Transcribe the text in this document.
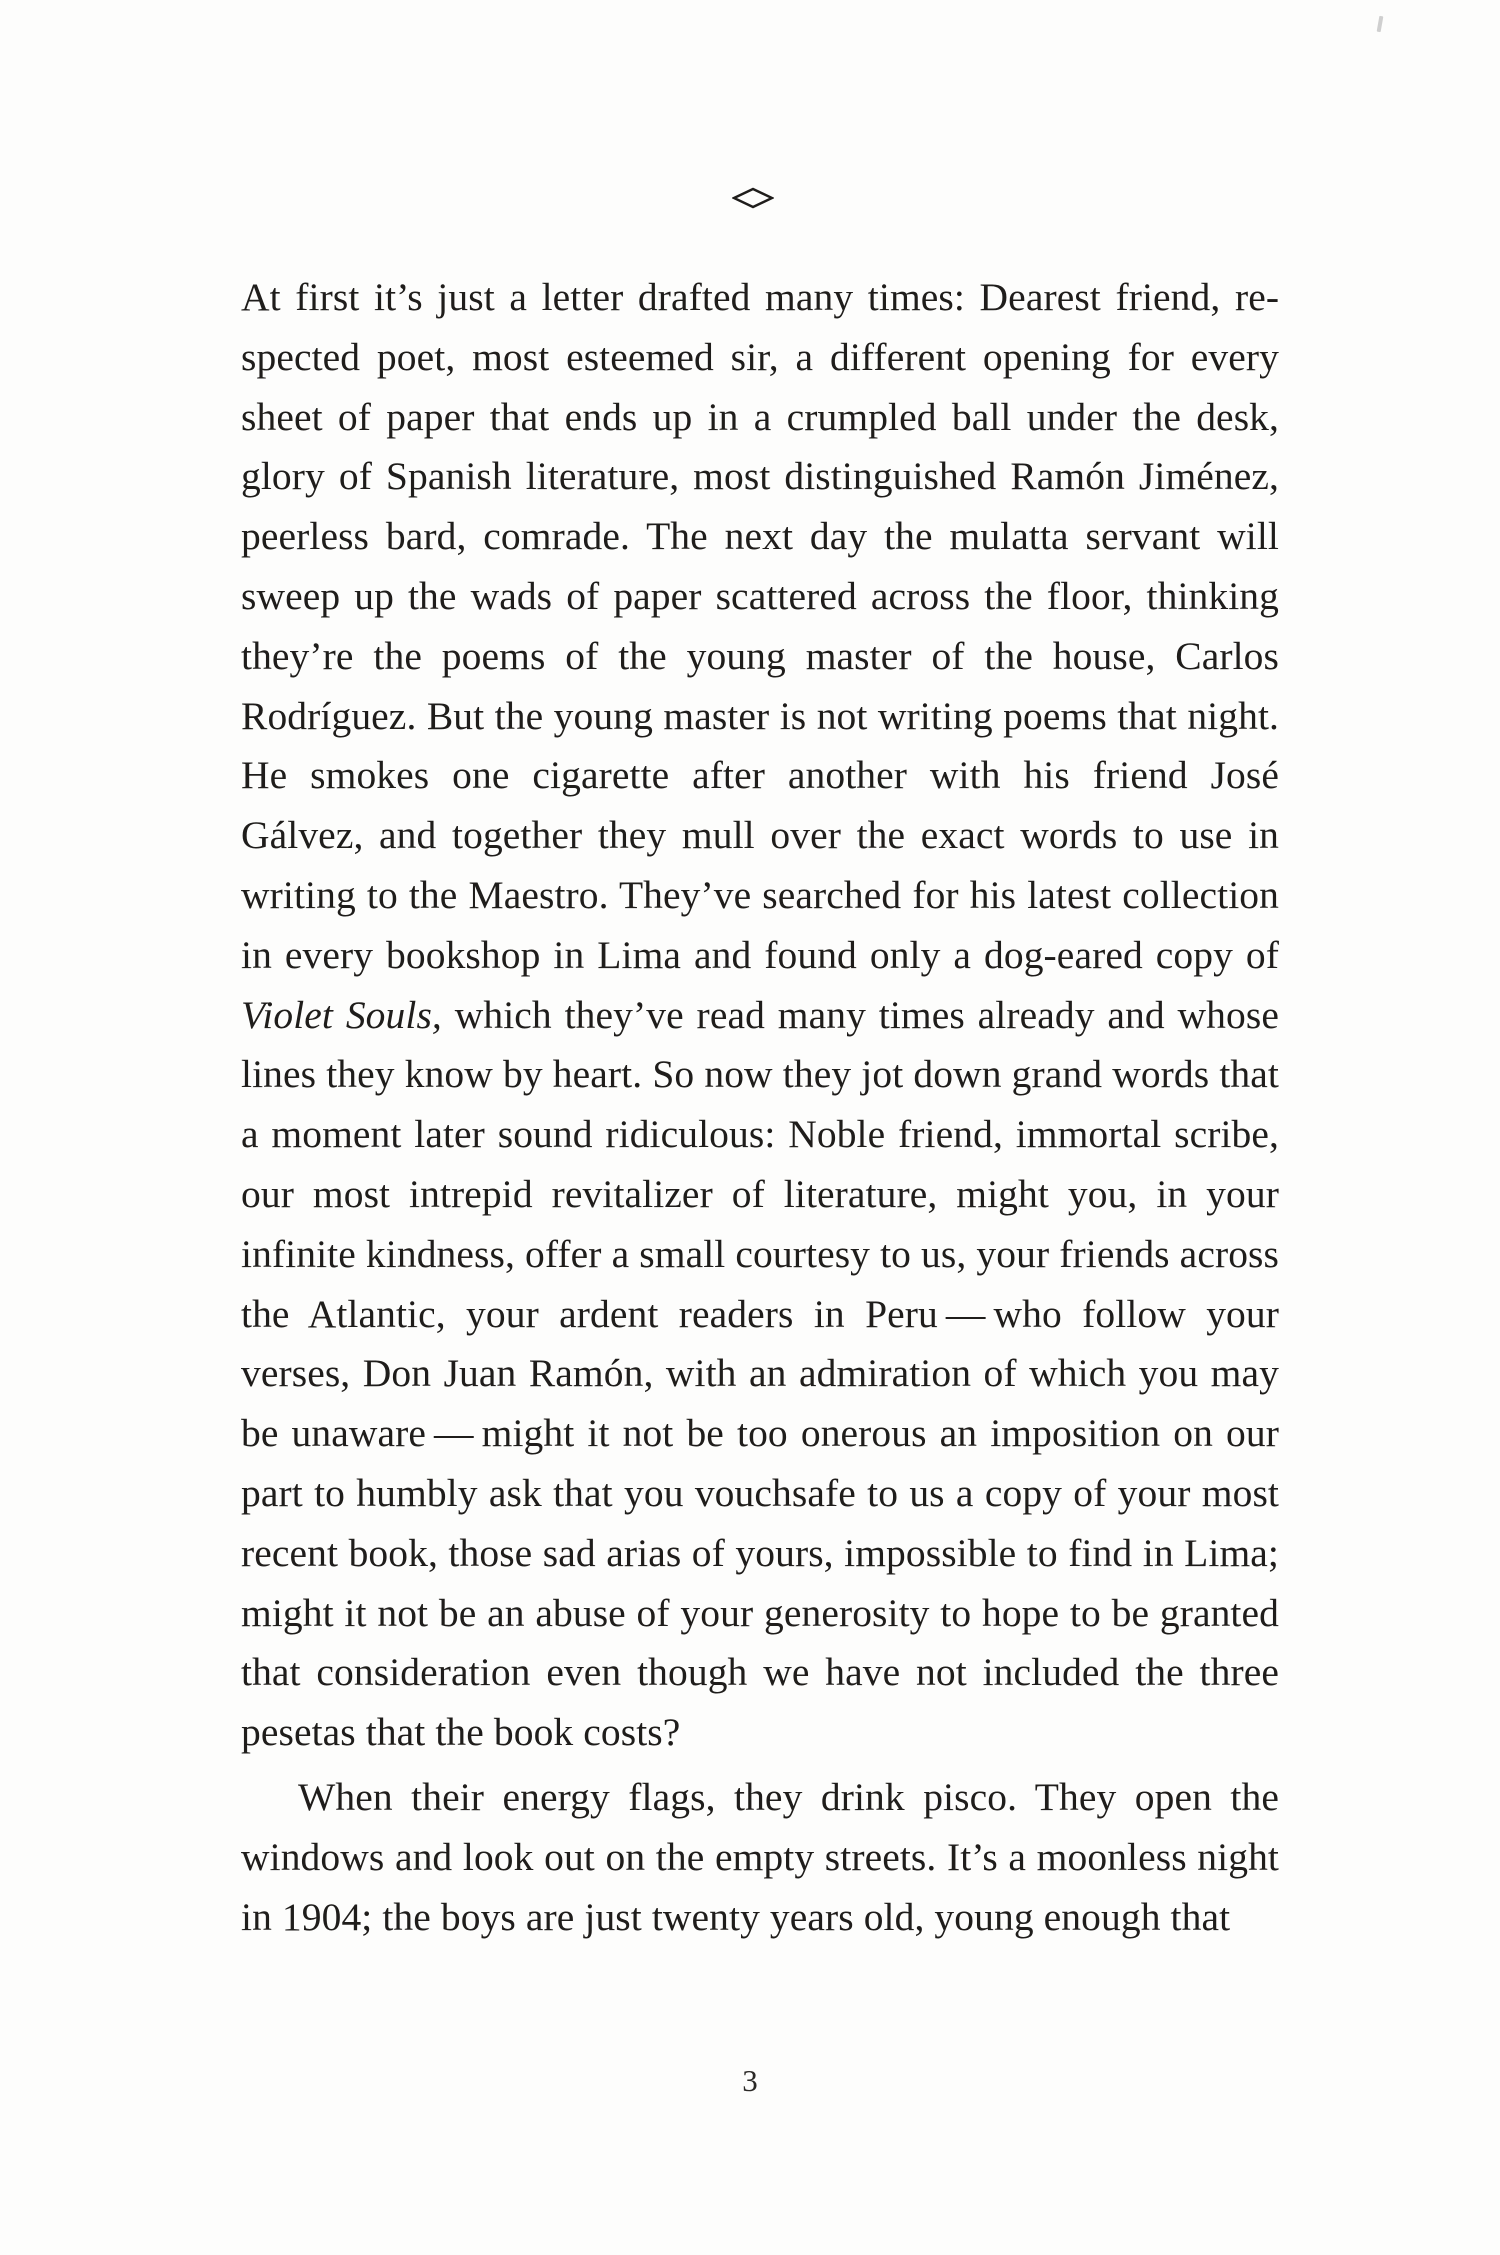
At first it’s just a letter drafted many times: Dearest friend, respected poet, most esteemed sir, a different opening for every sheet of paper that ends up in a crumpled ball under the desk, glory of Spanish literature, most distinguished Ramón Jiménez, peerless bard, comrade. The next day the mulatta servant will sweep up the wads of paper scattered across the floor, thinking they’re the poems of the young master of the house, Carlos Rodríguez. But the young master is not writing poems that night. He smokes one cigarette after another with his friend José Gálvez, and together they mull over the exact words to use in writing to the Maestro. They’ve searched for his latest collection in every bookshop in Lima and found only a dog-eared copy of Violet Souls, which they’ve read many times already and whose lines they know by heart. So now they jot down grand words that a moment later sound ridiculous: Noble friend, immortal scribe, our most intrepid revitalizer of literature, might you, in your infinite kindness, offer a small courtesy to us, your friends across the Atlantic, your ardent readers in Peru — who follow your verses, Don Juan Ramón, with an admiration of which you may be unaware — might it not be too onerous an imposition on our part to humbly ask that you vouchsafe to us a copy of your most recent book, those sad arias of yours, impossible to find in Lima; might it not be an abuse of your generosity to hope to be granted that consideration even though we have not included the three pesetas that the book costs?

When their energy flags, they drink pisco. They open the windows and look out on the empty streets. It’s a moonless night in 1904; the boys are just twenty years old, young enough that

3
